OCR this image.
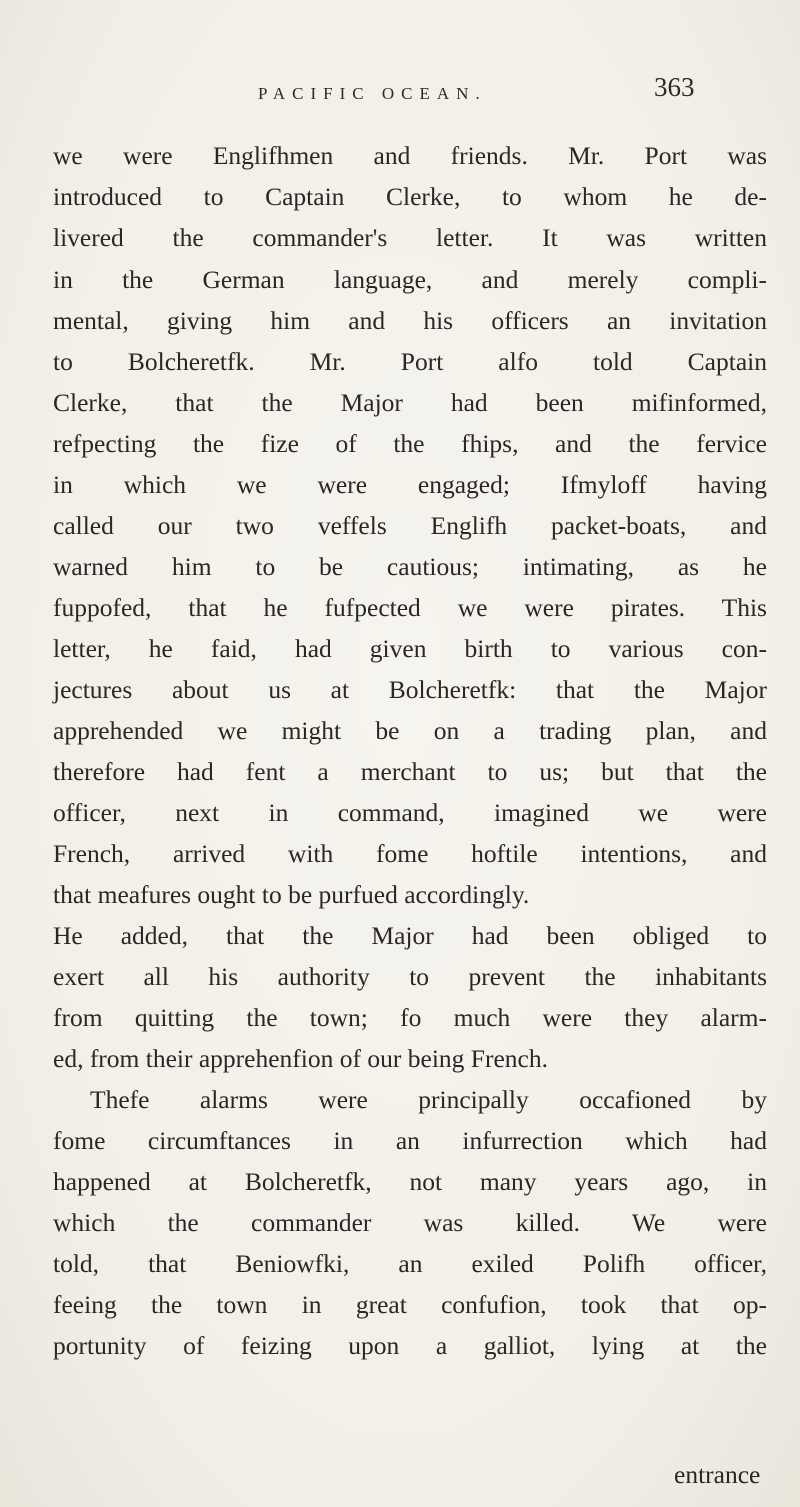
PACIFIC OCEAN.	363
we were Englifhmen and friends. Mr. Port was
introduced to Captain Clerke, to whom he de-
livered the commander's letter. It was written
in the German language, and merely compli-
mental, giving him and his officers an invitation
to Bolcheretfk. Mr. Port alfo told Captain
Clerke, that the Major had been mifinformed,
refpecting the fize of the fhips, and the fervice
in which we were engaged; Ifmyloff having
called our two veffels Englifh packet-boats, and
warned him to be cautious; intimating, as he
fuppofed, that he fufpected we were pirates. This
letter, he faid, had given birth to various con-
jectures about us at Bolcheretfk: that the Major
apprehended we might be on a trading plan, and
therefore had fent a merchant to us; but that the
officer, next in command, imagined we were
French, arrived with fome hoftile intentions, and
that meafures ought to be purfued accordingly.
He added, that the Major had been obliged to
exert all his authority to prevent the inhabitants
from quitting the town; fo much were they alarm-
ed, from their apprehenfion of our being French.
Thefe alarms were principally occafioned by
fome circumftances in an infurrection which had
happened at Bolcheretfk, not many years ago, in
which the commander was killed. We were
told, that Beniowfki, an exiled Polifh officer,
feeing the town in great confufion, took that op-
portunity of feizing upon a galliot, lying at the
entrance
